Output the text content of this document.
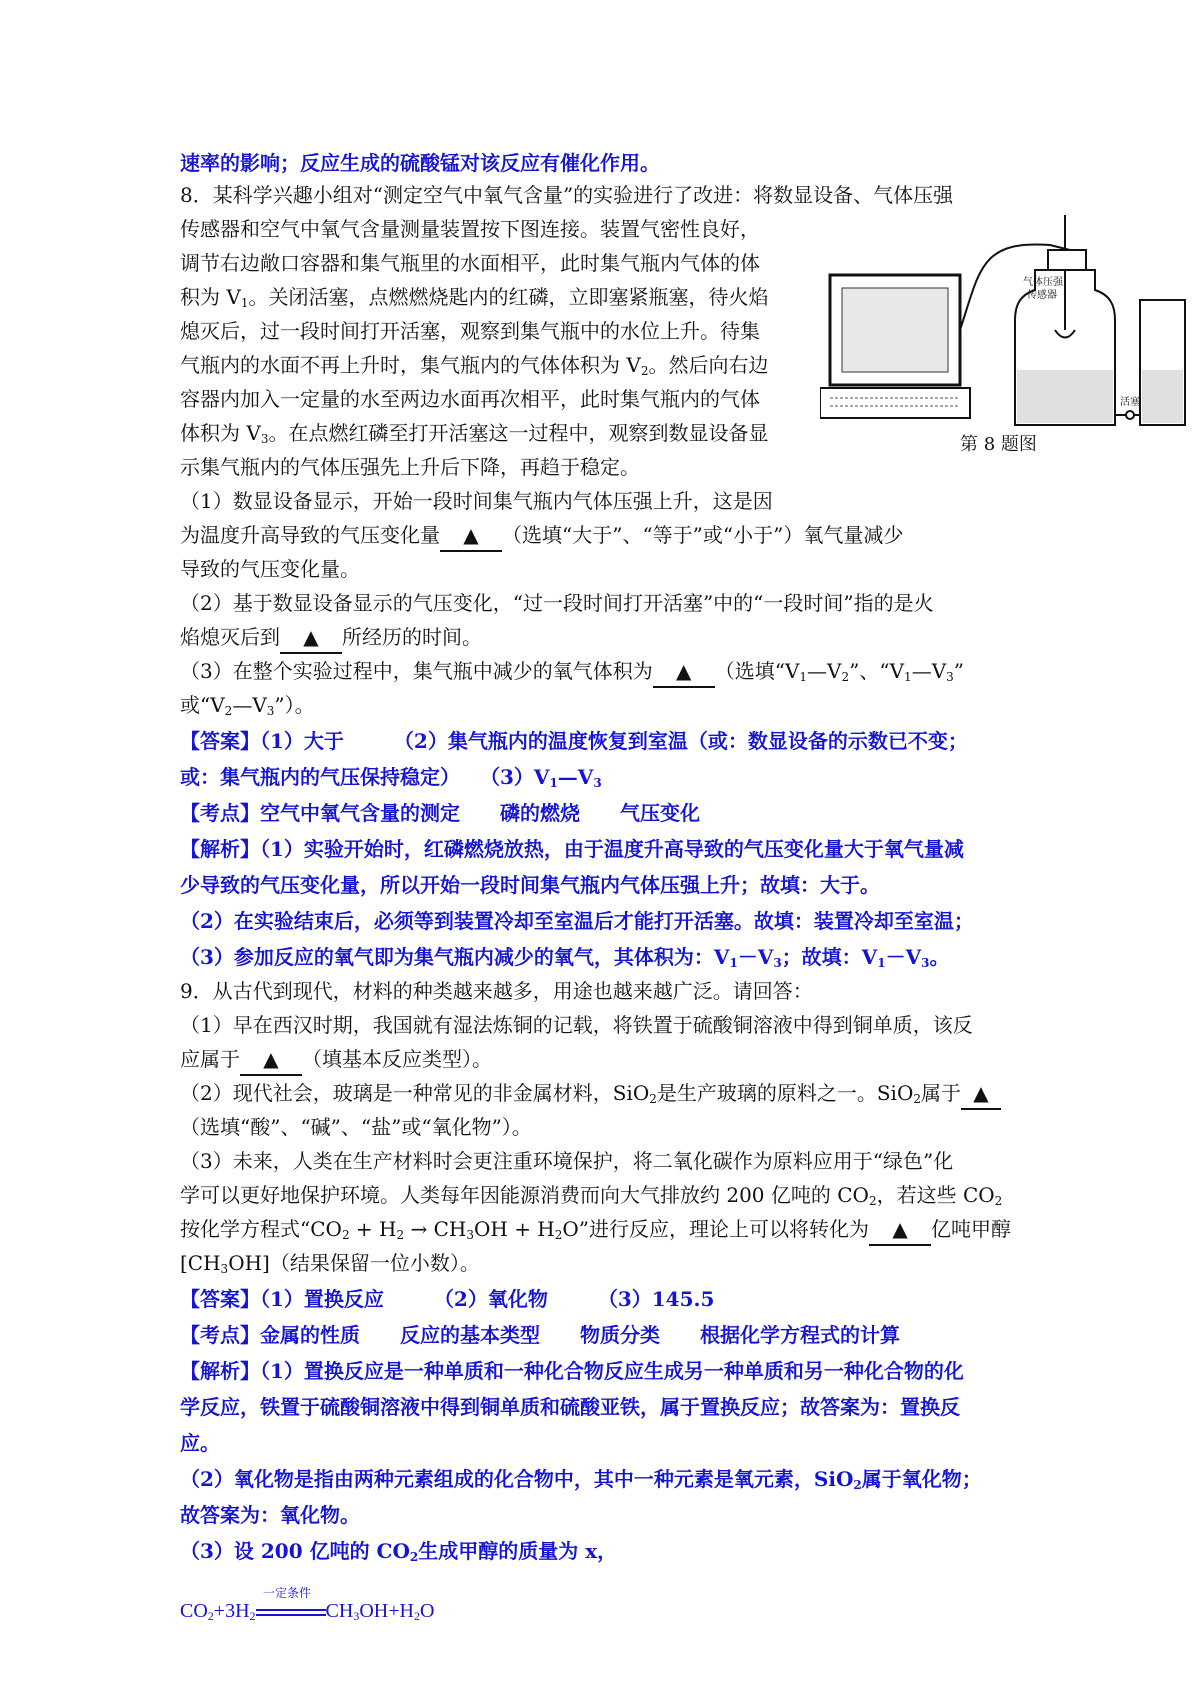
速率的影响；反应生成的硫酸锰对该反应有催化作用。
8．某科学兴趣小组对“测定空气中氧气含量”的实验进行了改进：将数显设备、气体压强
传感器和空气中氧气含量测量装置按下图连接。装置气密性良好，
调节右边敞口容器和集气瓶里的水面相平，此时集气瓶内气体的体
积为 $V_1$。关闭活塞，点燃燃烧匙内的红磷，立即塞紧瓶塞，待火焰
熄灭后，过一段时间打开活塞，观察到集气瓶中的水位上升。待集
气瓶内的水面不再上升时，集气瓶内的气体体积为 $V_2$。然后向右边
容器内加入一定量的水至两边水面再次相平，此时集气瓶内的气体
体积为 $V_3$。在点燃红磷至打开活塞这一过程中，观察到数显设备显
示集气瓶内的气体压强先上升后下降，再趋于稳定。
（1）数显设备显示，开始一段时间集气瓶内气体压强上升，这是因
为温度升高导致的气压变化量 ▲ （选填“大于”、“等于”或“小于”）氧气量减少
导致的气压变化量。
（2）基于数显设备显示的气压变化，“过一段时间打开活塞”中的“一段时间”指的是火
焰熄灭后到 ▲ 所经历的时间。
（3）在整个实验过程中，集气瓶中减少的氧气体积为 ▲ （选填“$V_1—V_2$”、“$V_1—V_3$”
或“$V_2—V_3$”）。
【答案】（1）大于　　　（2）集气瓶内的温度恢复到室温（或：数显设备的示数已不变；
或：集气瓶内的气压保持稳定）　　$(3)V_1—V_3$
【考点】空气中氧气含量的测定　　磷的燃烧　　气压变化
【解析】（1）实验开始时，红磷燃烧放热，由于温度升高导致的气压变化量大于氧气量减
少导致的气压变化量，所以开始一段时间集气瓶内气体压强上升；故填：大于。
（2）在实验结束后，必须等到装置冷却至室温后才能打开活塞。故填：装置冷却至室温；
（3）参加反应的氧气即为集气瓶内减少的氧气，其体积为：$V_1-V_3$；故填：$V_1-V_3$。
9．从古代到现代，材料的种类越来越多，用途也越来越广泛。请回答：
（1）早在西汉时期，我国就有湿法炼铜的记载，将铁置于硫酸铜溶液中得到铜单质，该反
应属于 ▲ （填基本反应类型）。
（2）现代社会，玻璃是一种常见的非金属材料，SiO$_2$是生产玻璃的原料之一。SiO$_2$属于 ▲
（选填“酸”、“碱”、“盐”或“氧化物”）。
（3）未来，人类在生产材料时会更注重环境保护，将二氧化碳作为原料应用于“绿色”化
学可以更好地保护环境。人类每年因能源消费而向大气排放约 200 亿吨的 $CO_2$，若这些 $CO_2$
按化学方程式“$CO_2 + H_2 \to CH_3OH + H_2O$”进行反应，理论上可以将转化为 ▲ 亿吨甲醇
$[CH_3OH]$（结果保留一位小数）。
【答案】（1）置换反应　　　（2）氧化物　　　（3）145.5
【考点】金属的性质　　反应的基本类型　　物质分类　　根据化学方程式的计算
【解析】（1）置换反应是一种单质和一种化合物反应生成另一种单质和另一种化合物的化
学反应，铁置于硫酸铜溶液中得到铜单质和硫酸亚铁，属于置换反应；故答案为：置换反
应。
（2）氧化物是指由两种元素组成的化合物中，其中一种元素是氧元素，SiO$_2$属于氧化物；
故答案为：氧化物。
（3）设 200 亿吨的 $CO_2$生成甲醇的质量为 x，
一定条件
$CO_2+3H_2$	$CH_3OH+H_2O$
气体压强
传感器
活塞
第 8 题图
